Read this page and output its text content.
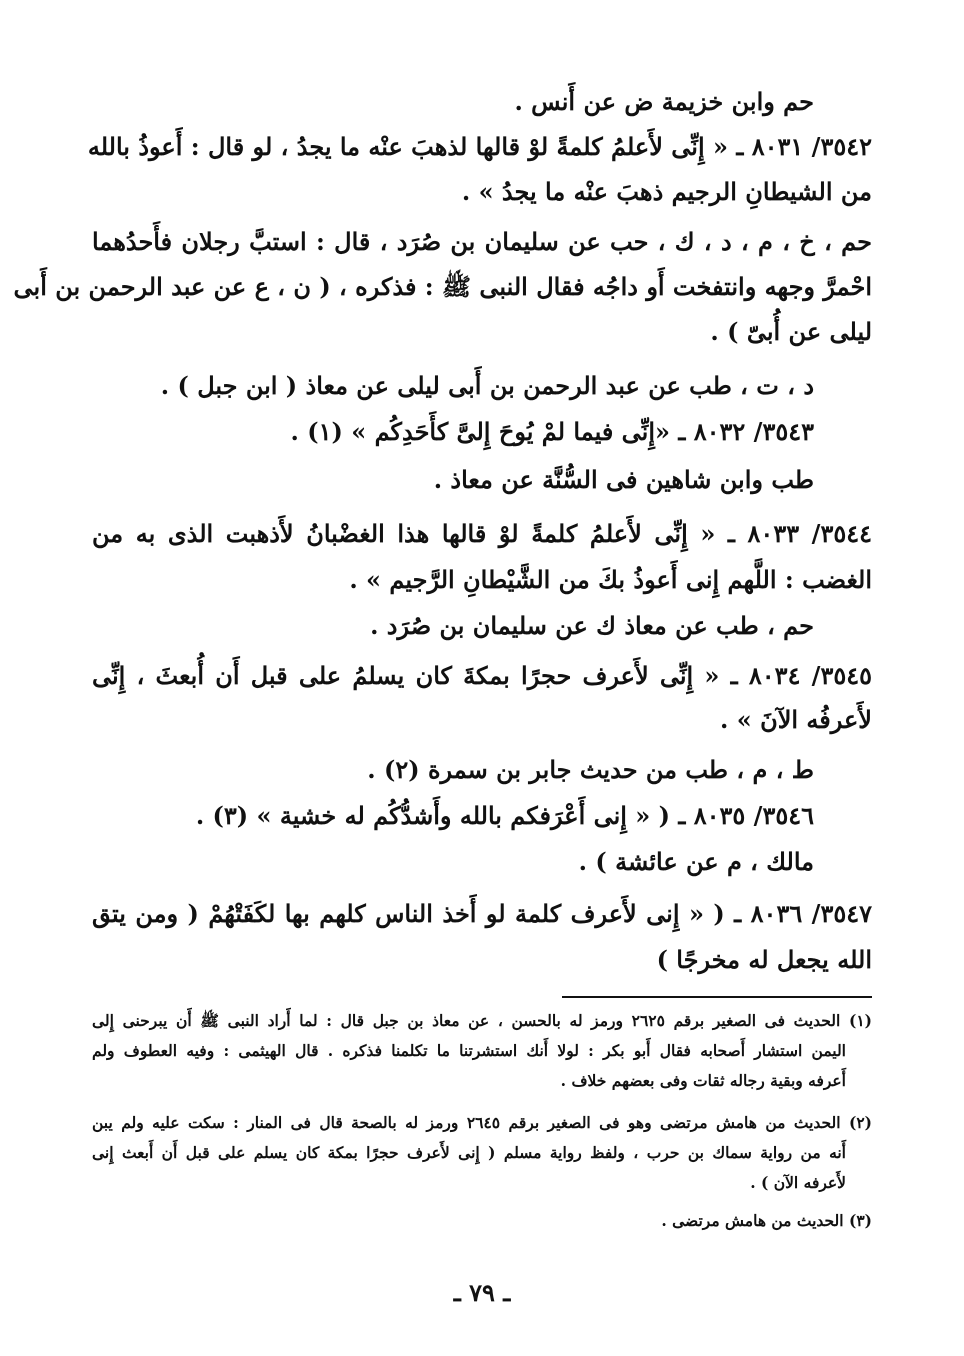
حم وابن خزيمة ض عن أَنس .
٣٥٤٢/ ٨٠٣١ ـ « إِنِّى لأَعلمُ كلمةً لوْ قالها لذهبَ عنْه ما يجدُ ، لو قال : أَعوذُ بالله
من الشيطانِ الرجيم ذهبَ عنْه ما يجدُ » .
حم ، خ ، م ، د ، ك ، حب عن سليمان بن صُرَد ، قال : استبَّ رجلان فأَحدُهما
احْمرَّ وجهه وانتفخت أَو داجُه فقال النبى ﷺ : فذكره ، ( ن ، ع عن عبد الرحمن بن أَبى
ليلى عن أُبىّ ) .
د ، ت ، طب عن عبد الرحمن بن أَبى ليلى عن معاذ ( ابن جبل ) .
٣٥٤٣/ ٨٠٣٢ ـ «إِنِّى فيما لمْ يُوحَ إِلىَّ كأَحَدِكُم » (١) .
طب وابن شاهين فى السُّنَّة عن معاذ .
٣٥٤٤/ ٨٠٣٣ ـ « إِنِّى لأَعلمُ كلمةً لوْ قالها هذا الغضْبانُ لأَذهبت الذى به من
الغضب : اللَّهم إِنى أَعوذُ بكَ من الشَّيْطانِ الرَّجيم » .
حم ، طب عن معاذ ك عن سليمان بن صُرَد .
٣٥٤٥/ ٨٠٣٤ ـ « إِنِّى لأَعرف حجرًا بمكةَ كان يسلمُ على قبل أَن أُبعثَ ، إِنِّى
لأَعرفُه الآنَ » .
ط ، م ، طب من حديث جابر بن سمرة (٢) .
٣٥٤٦/ ٨٠٣٥ ـ ( « إِنى أَعْرَفكم بالله وأَشدُّكُم له خشية » (٣) .
مالك ، م عن عائشة ) .
٣٥٤٧/ ٨٠٣٦ ـ ( « إِنى لأَعرف كلمة لو أَخذ الناس كلهم بها لكَفَتْهُمْ ( ومن يتق
الله يجعل له مخرجًا )
(١) الحديث فى الصغير برقم ٢٦٢٥ ورمز له بالحسن ، عن معاذ بن جبل قال : لما أَراد النبى ﷺ أَن يبرحنى إِلى
اليمن استشار أَصحابه فقال أَبو بكر : لولا أَنك استشرتنا ما تكلمنا فذكره . قال الهيثمى : وفيه العطوف ولم
أَعرفه وبقية رجاله ثقات وفى بعضهم خلاف .
(٢) الحديث من هامش مرتضى وهو فى الصغير برقم ٢٦٤٥ ورمز له بالصحة قال فى المنار : سكت عليه ولم يبن
أَنه من رواية سماك بن حرب ، ولفظ رواية مسلم ( إِنى لأَعرف حجرًا بمكة كان يسلم على قبل أَن أَبعث إِنى
لأَعرفه الآن ) .
(٣) الحديث من هامش مرتضى .
ـ ٧٩ ـ
